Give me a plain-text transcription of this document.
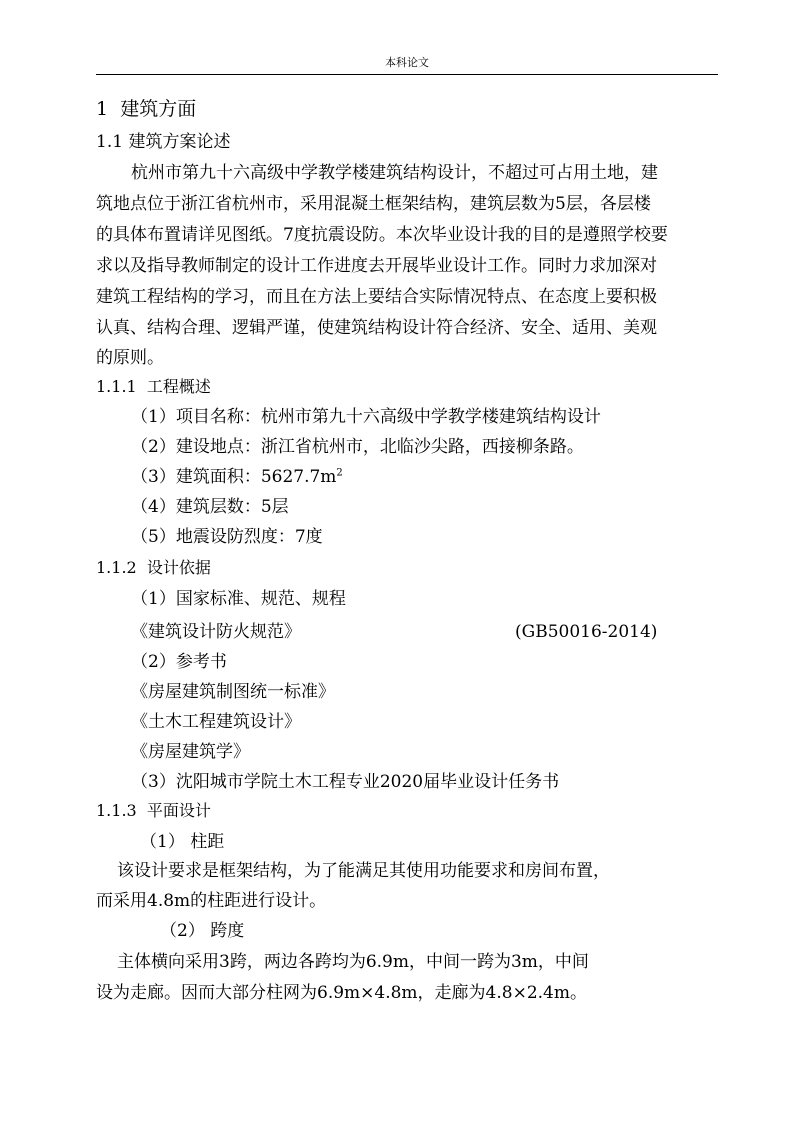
本科论文
1 建筑方面
1.1 建筑方案论述
杭州市第九十六高级中学教学楼建筑结构设计，不超过可占用土地，建
筑地点位于浙江省杭州市，采用混凝土框架结构，建筑层数为5层，各层楼
的具体布置请详见图纸。7度抗震设防。本次毕业设计我的目的是遵照学校要
求以及指导教师制定的设计工作进度去开展毕业设计工作。同时力求加深对
建筑工程结构的学习，而且在方法上要结合实际情况特点、在态度上要积极
认真、结构合理、逻辑严谨，使建筑结构设计符合经济、安全、适用、美观
的原则。
1.1.1 工程概述
（1）项目名称：杭州市第九十六高级中学教学楼建筑结构设计
（2）建设地点：浙江省杭州市，北临沙尖路，西接柳条路。
（3）建筑面积：$5627.7m^2$
（4）建筑层数：5层
（5）地震设防烈度：7度
1.1.2 设计依据
（1）国家标准、规范、规程
《建筑设计防火规范》	(GB50016-2014)
（2）参考书
《房屋建筑制图统一标准》
《土木工程建筑设计》
《房屋建筑学》
（3）沈阳城市学院土木工程专业2020届毕业设计任务书
1.1.3 平面设计
（1） 柱距
该设计要求是框架结构，为了能满足其使用功能要求和房间布置，
而采用4.8m的柱距进行设计。
（2） 跨度
主体横向采用3跨，两边各跨均为6.9m，中间一跨为3m，中间
设为走廊。因而大部分柱网为6.9m×4.8m，走廊为4.8×2.4m。
